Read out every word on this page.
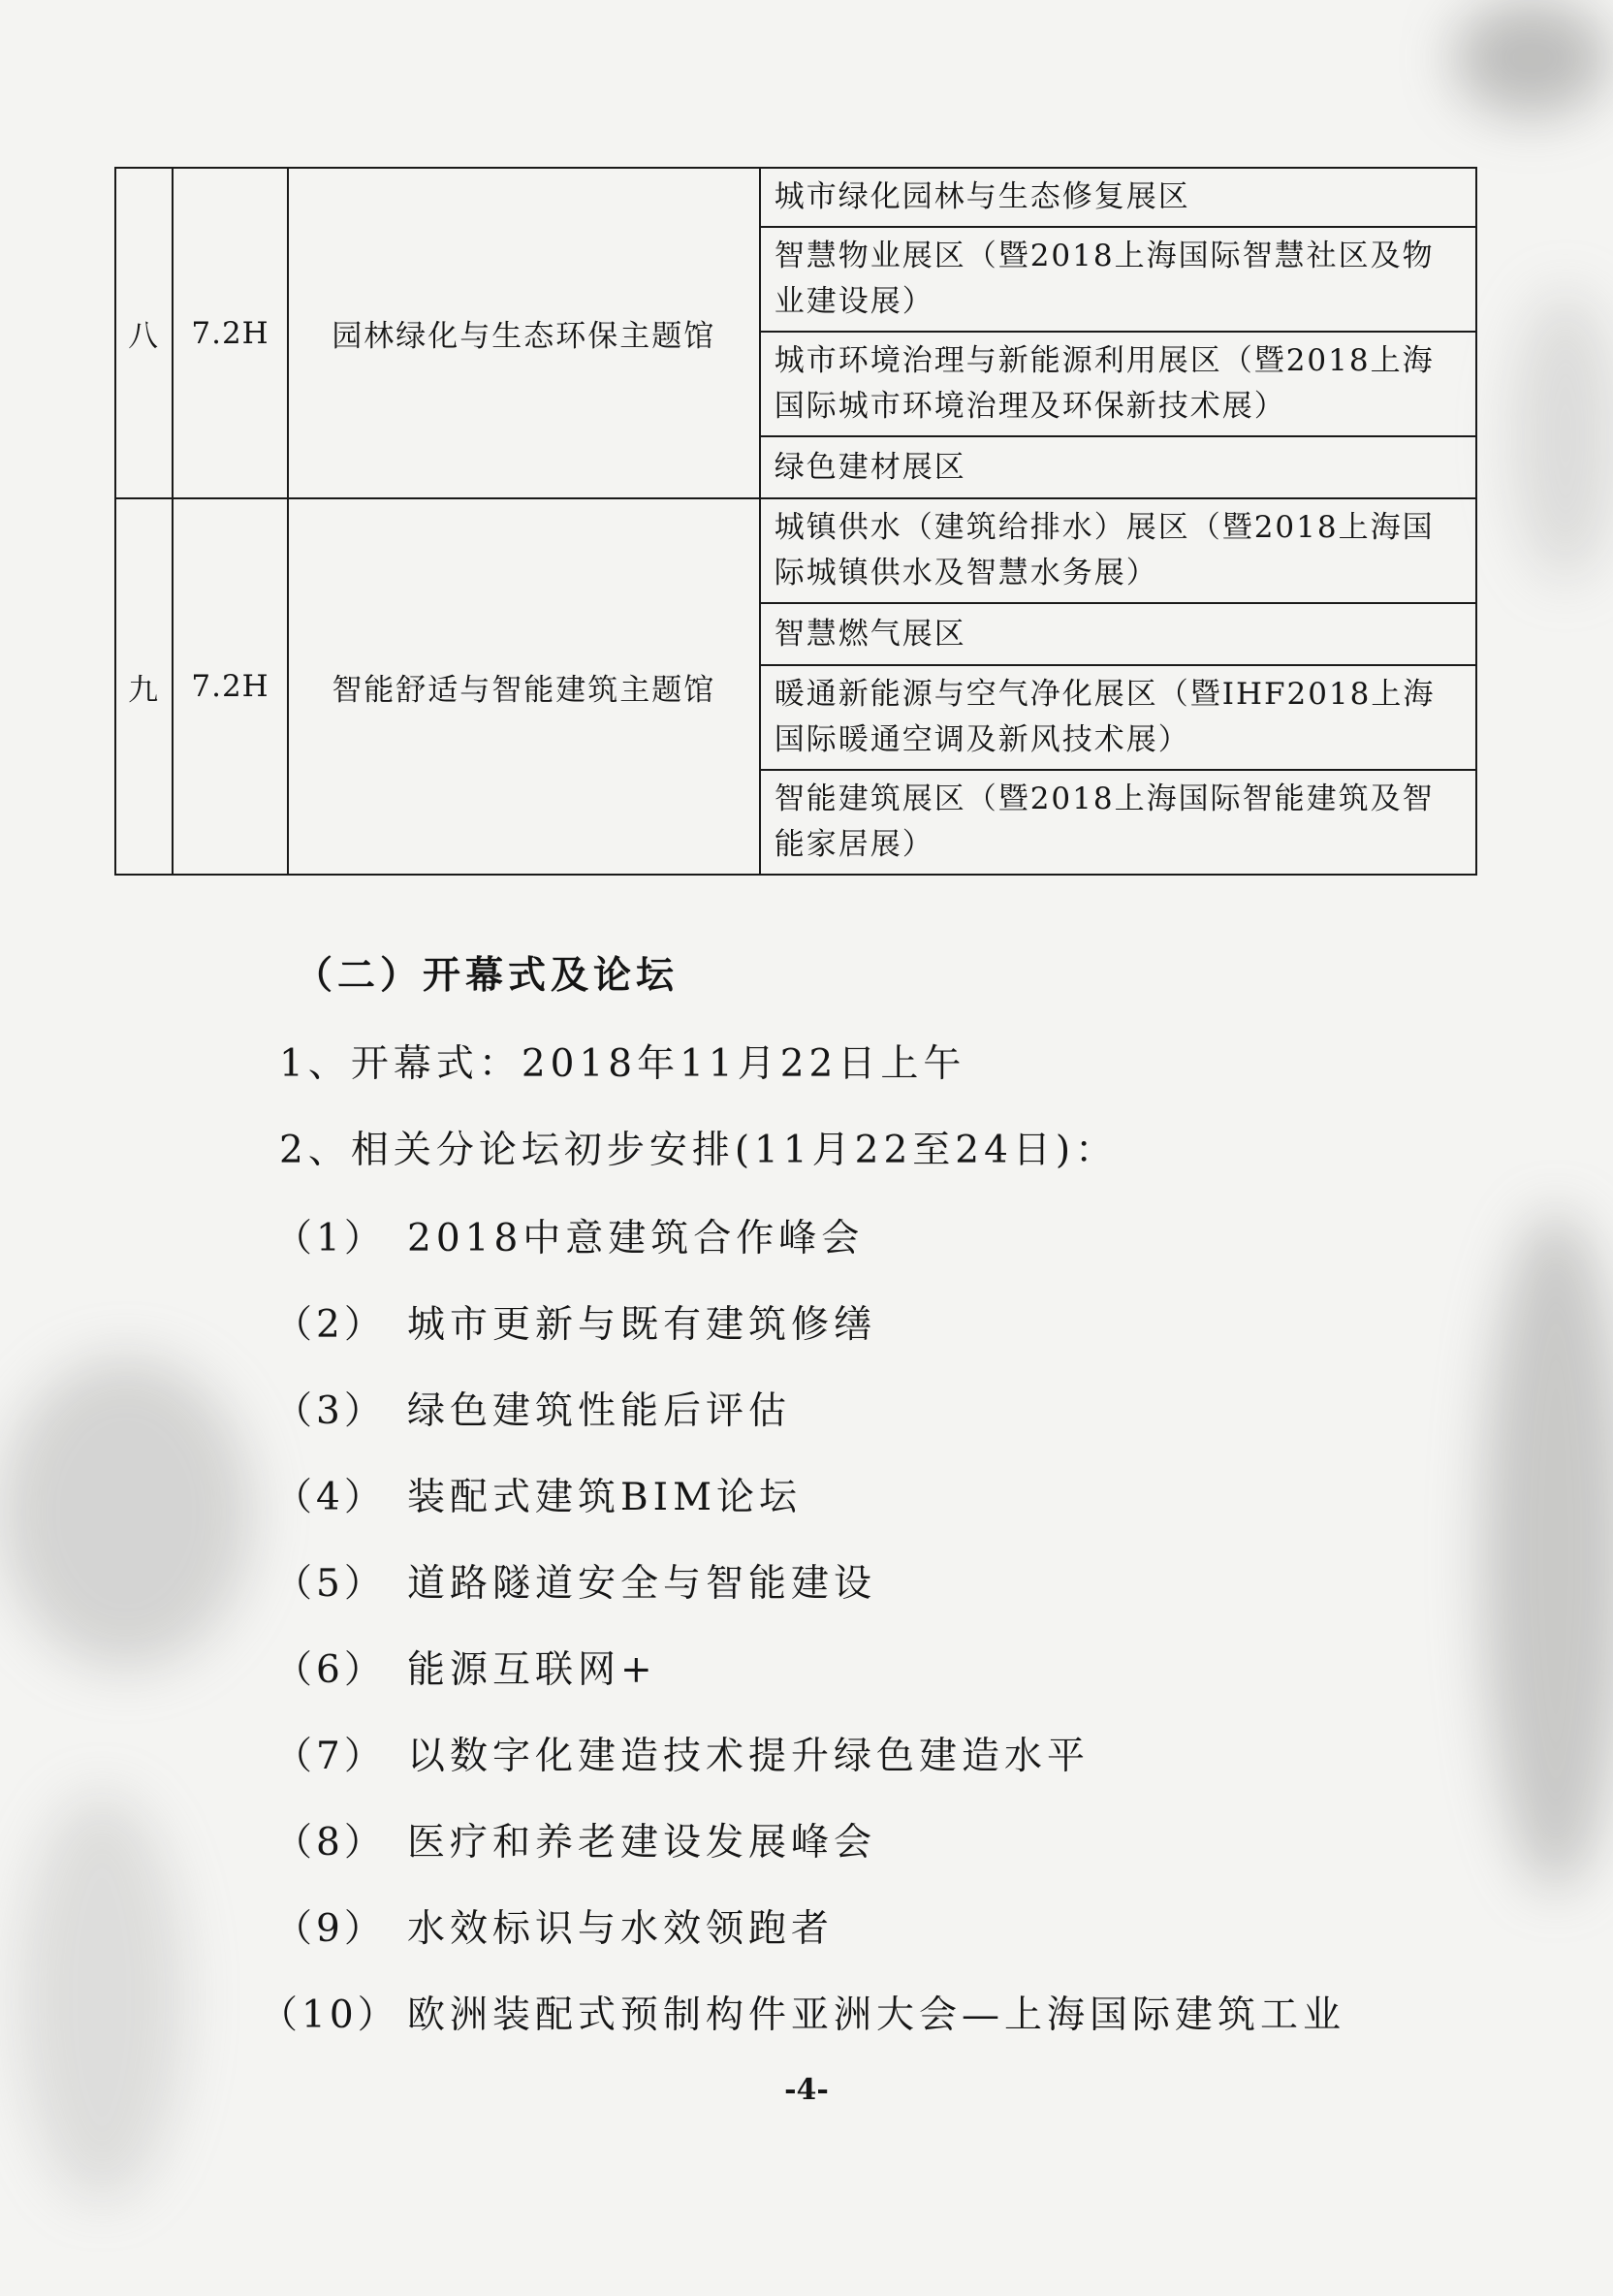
八	7.2H	园林绿化与生态环保主题馆	城市绿化园林与生态修复展区
			智慧物业展区（暨2018上海国际智慧社区及物业建设展）
			城市环境治理与新能源利用展区（暨2018上海国际城市环境治理及环保新技术展）
			绿色建材展区
九	7.2H	智能舒适与智能建筑主题馆	城镇供水（建筑给排水）展区（暨2018上海国际城镇供水及智慧水务展）
			智慧燃气展区
			暖通新能源与空气净化展区（暨IHF2018上海国际暖通空调及新风技术展）
			智能建筑展区（暨2018上海国际智能建筑及智能家居展）
（二）开幕式及论坛
1、开幕式：2018年11月22日上午
2、相关分论坛初步安排(11月22至24日)：
（1） 2018中意建筑合作峰会
（2） 城市更新与既有建筑修缮
（3） 绿色建筑性能后评估
（4） 装配式建筑BIM论坛
（5） 道路隧道安全与智能建设
（6） 能源互联网+
（7） 以数字化建造技术提升绿色建造水平
（8） 医疗和养老建设发展峰会
（9） 水效标识与水效领跑者
（10） 欧洲装配式预制构件亚洲大会—上海国际建筑工业
-4-
